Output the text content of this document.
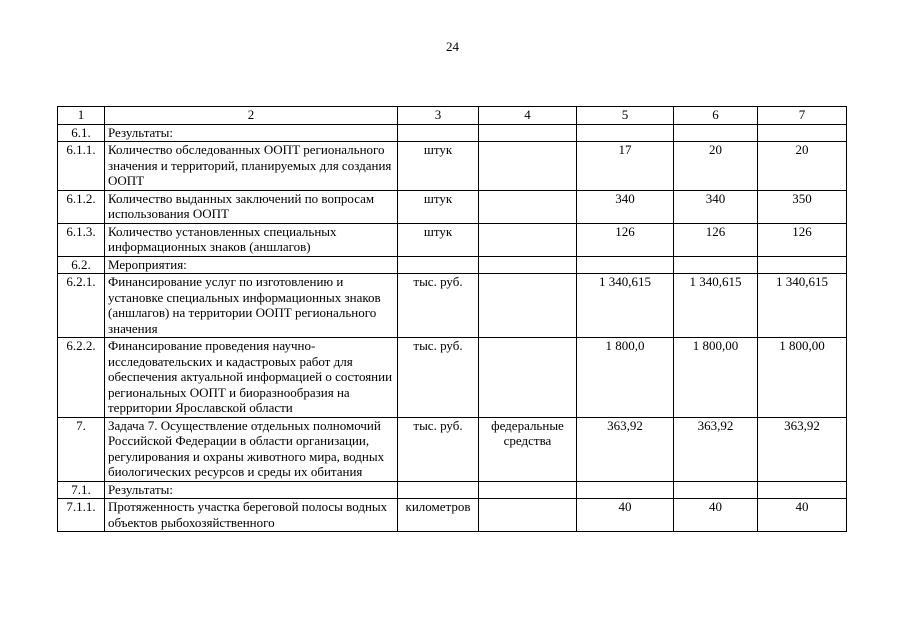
24
1	2	3	4	5	6	7
6.1.	Результаты:					
6.1.1.	Количество обследованных ООПТ регионального значения и территорий, планируемых для создания ООПТ	штук		17	20	20
6.1.2.	Количество выданных заключений по вопросам использования ООПТ	штук		340	340	350
6.1.3.	Количество установленных специальных информационных знаков (аншлагов)	штук		126	126	126
6.2.	Мероприятия:					
6.2.1.	Финансирование услуг по изготовлению и установке специальных информационных знаков (аншлагов) на территории ООПТ регионального значения	тыс. руб.		1 340,615	1 340,615	1 340,615
6.2.2.	Финансирование проведения научно-исследовательских и кадастровых работ для обеспечения актуальной информацией о состоянии региональных ООПТ и биоразнообразия на территории Ярославской области	тыс. руб.		1 800,0	1 800,00	1 800,00
7.	Задача 7. Осуществление отдельных полномочий Российской Федерации в области организации, регулирования и охраны животного мира, водных биологических ресурсов и среды их обитания	тыс. руб.	федеральные средства	363,92	363,92	363,92
7.1.	Результаты:					
7.1.1.	Протяженность участка береговой полосы водных объектов рыбохозяйственного	километров		40	40	40
